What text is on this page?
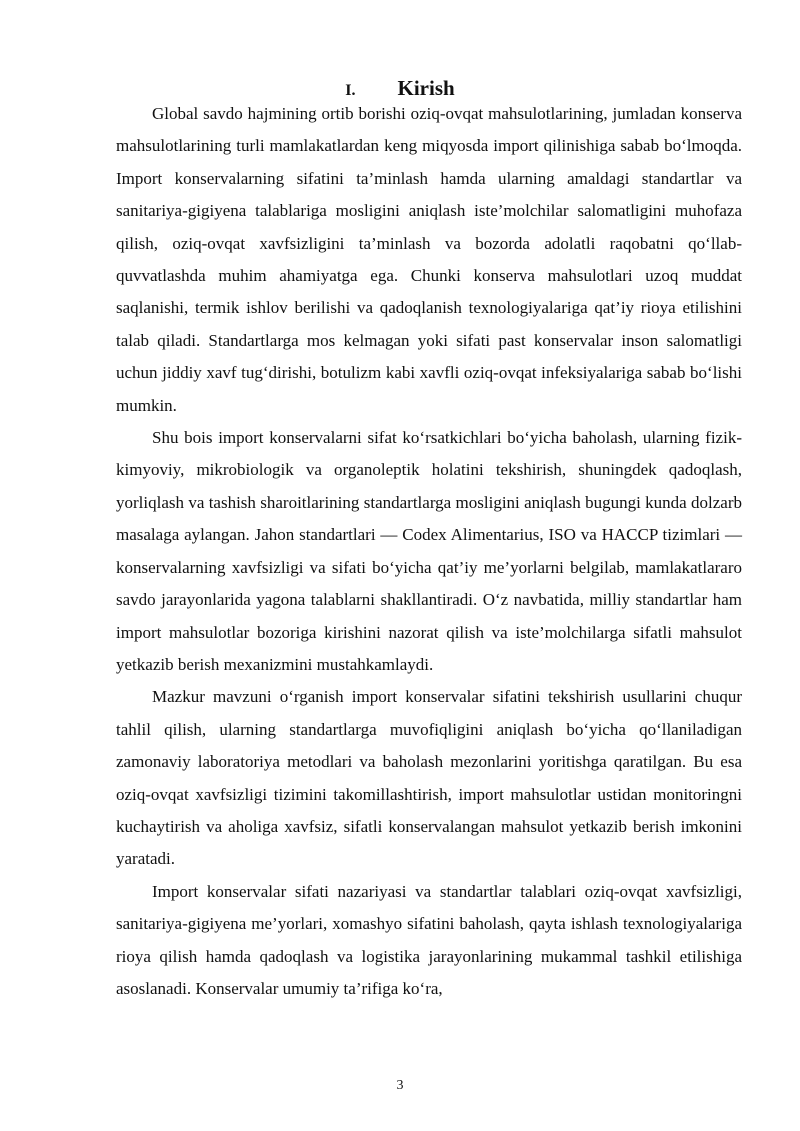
I. Kirish

Global savdo hajmining ortib borishi oziq-ovqat mahsulotlarining, jumladan konserva mahsulotlarining turli mamlakatlardan keng miqyosda import qilinishiga sabab bo‘lmoqda. Import konservalarning sifatini ta’minlash hamda ularning amaldagi standartlar va sanitariya-gigiyena talablariga mosligini aniqlash iste’molchilar salomatligini muhofaza qilish, oziq-ovqat xavfsizligini ta’minlash va bozorda adolatli raqobatni qo‘llab-quvvatlashda muhim ahamiyatga ega. Chunki konserva mahsulotlari uzoq muddat saqlanishi, termik ishlov berilishi va qadoqlanish texnologiyalariga qat’iy rioya etilishini talab qiladi. Standartlarga mos kelmagan yoki sifati past konservalar inson salomatligi uchun jiddiy xavf tug‘dirishi, botulizm kabi xavfli oziq-ovqat infeksiyalariga sabab bo‘lishi mumkin.

Shu bois import konservalarni sifat ko‘rsatkichlari bo‘yicha baholash, ularning fizik-kimyoviy, mikrobiologik va organoleptik holatini tekshirish, shuningdek qadoqlash, yorliqlash va tashish sharoitlarining standartlarga mosligini aniqlash bugungi kunda dolzarb masalaga aylangan. Jahon standartlari — Codex Alimentarius, ISO va HACCP tizimlari — konservalarning xavfsizligi va sifati bo‘yicha qat’iy me’yorlarni belgilab, mamlakatlararo savdo jarayonlarida yagona talablarni shakllantiradi. O‘z navbatida, milliy standartlar ham import mahsulotlar bozoriga kirishini nazorat qilish va iste’molchilarga sifatli mahsulot yetkazib berish mexanizmini mustahkamlaydi.

Mazkur mavzuni o‘rganish import konservalar sifatini tekshirish usullarini chuqur tahlil qilish, ularning standartlarga muvofiqligini aniqlash bo‘yicha qo‘llaniladigan zamonaviy laboratoriya metodlari va baholash mezonlarini yoritishga qaratilgan. Bu esa oziq-ovqat xavfsizligi tizimini takomillashtirish, import mahsulotlar ustidan monitoringni kuchaytirish va aholiga xavfsiz, sifatli konservalangan mahsulot yetkazib berish imkonini yaratadi.

Import konservalar sifati nazariyasi va standartlar talablari oziq-ovqat xavfsizligi, sanitariya-gigiyena me’yorlari, xomashyo sifatini baholash, qayta ishlash texnologiyalariga rioya qilish hamda qadoqlash va logistika jarayonlarining mukammal tashkil etilishiga asoslanadi. Konservalar umumiy ta’rifiga ko‘ra,

3
